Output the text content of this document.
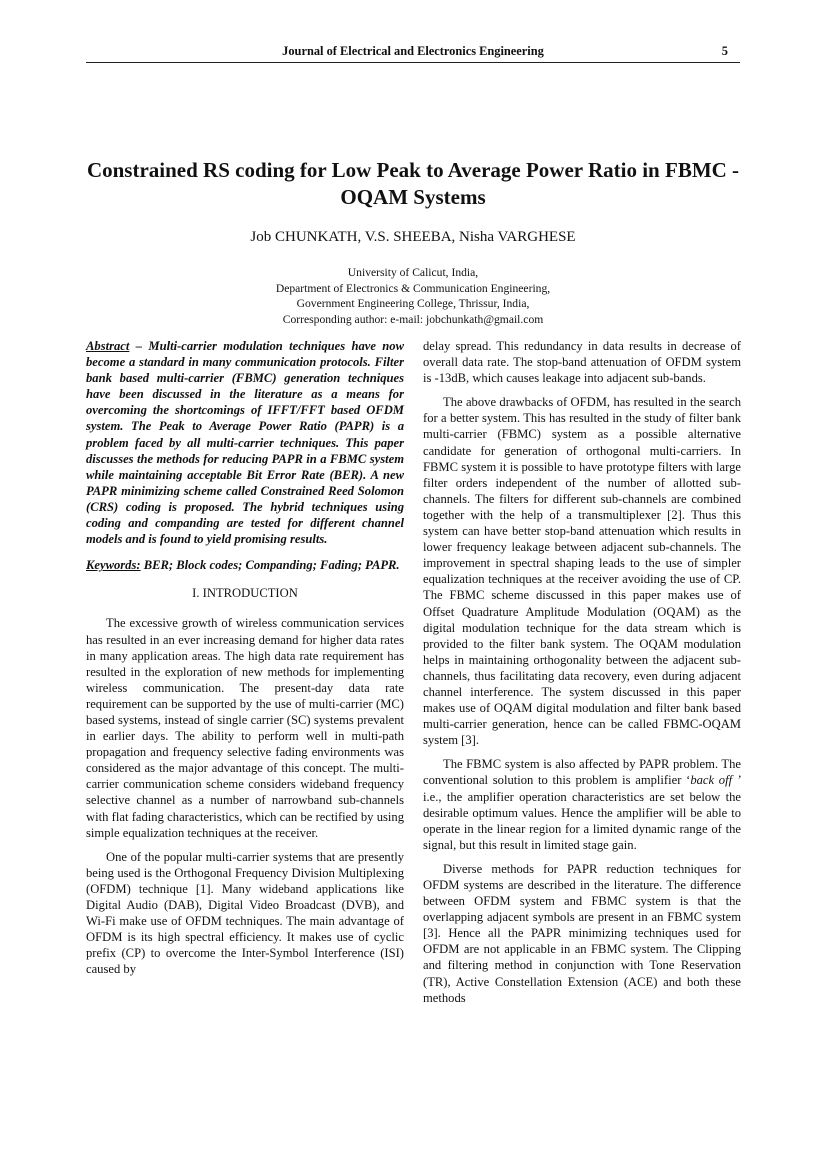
Journal of Electrical and Electronics Engineering	5
Constrained RS coding for Low Peak to Average Power Ratio in FBMC - OQAM Systems
Job CHUNKATH, V.S. SHEEBA, Nisha VARGHESE
University of Calicut, India,
Department of Electronics & Communication Engineering,
Government Engineering College, Thrissur, India,
Corresponding author: e-mail: jobchunkath@gmail.com

Abstract – Multi-carrier modulation techniques have now become a standard in many communication protocols. Filter bank based multi-carrier (FBMC) generation techniques have been discussed in the literature as a means for overcoming the shortcomings of IFFT/FFT based OFDM system. The Peak to Average Power Ratio (PAPR) is a problem faced by all multi-carrier techniques. This paper discusses the methods for reducing PAPR in a FBMC system while maintaining acceptable Bit Error Rate (BER). A new PAPR minimizing scheme called Constrained Reed Solomon (CRS) coding is proposed. The hybrid techniques using coding and companding are tested for different channel models and is found to yield promising results.

Keywords: BER; Block codes; Companding; Fading; PAPR.

I. INTRODUCTION

The excessive growth of wireless communication services has resulted in an ever increasing demand for higher data rates in many application areas. The high data rate requirement has resulted in the exploration of new methods for implementing wireless communication. The present-day data rate requirement can be supported by the use of multi-carrier (MC) based systems, instead of single carrier (SC) systems prevalent in earlier days. The ability to perform well in multi-path propagation and frequency selective fading environments was considered as the major advantage of this concept. The multi-carrier communication scheme considers wideband frequency selective channel as a number of narrowband sub-channels with flat fading characteristics, which can be rectified by using simple equalization techniques at the receiver.

One of the popular multi-carrier systems that are presently being used is the Orthogonal Frequency Division Multiplexing (OFDM) technique [1]. Many wideband applications like Digital Audio (DAB), Digital Video Broadcast (DVB), and Wi-Fi make use of OFDM techniques. The main advantage of OFDM is its high spectral efficiency. It makes use of cyclic prefix (CP) to overcome the Inter-Symbol Interference (ISI) caused by

delay spread. This redundancy in data results in decrease of overall data rate. The stop-band attenuation of OFDM system is -13dB, which causes leakage into adjacent sub-bands.

The above drawbacks of OFDM, has resulted in the search for a better system. This has resulted in the study of filter bank multi-carrier (FBMC) system as a possible alternative candidate for generation of orthogonal multi-carriers. In FBMC system it is possible to have prototype filters with large filter orders independent of the number of allotted sub-channels. The filters for different sub-channels are combined together with the help of a transmultiplexer [2]. Thus this system can have better stop-band attenuation which results in lower frequency leakage between adjacent sub-channels. The improvement in spectral shaping leads to the use of simpler equalization techniques at the receiver avoiding the use of CP. The FBMC scheme discussed in this paper makes use of Offset Quadrature Amplitude Modulation (OQAM) as the digital modulation technique for the data stream which is provided to the filter bank system. The OQAM modulation helps in maintaining orthogonality between the adjacent sub-channels, thus facilitating data recovery, even during adjacent channel interference. The system discussed in this paper makes use of OQAM digital modulation and filter bank based multi-carrier generation, hence can be called FBMC-OQAM system [3].

The FBMC system is also affected by PAPR problem. The conventional solution to this problem is amplifier ‘back off ’ i.e., the amplifier operation characteristics are set below the desirable optimum values. Hence the amplifier will be able to operate in the linear region for a limited dynamic range of the signal, but this result in limited stage gain.

Diverse methods for PAPR reduction techniques for OFDM systems are described in the literature. The difference between OFDM system and FBMC system is that the overlapping adjacent symbols are present in an FBMC system [3]. Hence all the PAPR minimizing techniques used for OFDM are not applicable in an FBMC system. The Clipping and filtering method in conjunction with Tone Reservation (TR), Active Constellation Extension (ACE) and both these methods
